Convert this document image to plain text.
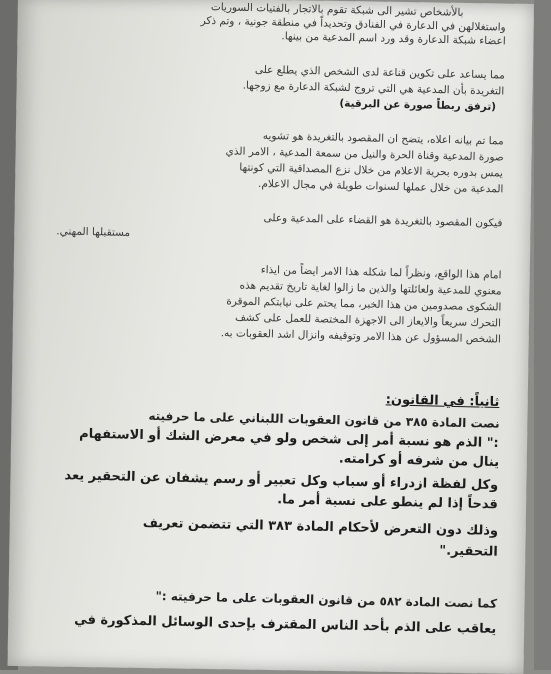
بالأشخاص تشير الى شبكة تقوم بالاتجار بالفتيات السوريات
واستغلالهن في الدعارة في الفنادق وتحديداً في منطقة جونية ، وتم ذكر
اعضاء شبكة الدعارة وقد ورد اسم المدعية من بينها.
مما يساعد على تكوين قناعة لدى الشخص الذي يطلع على
التغريدة بأن المدعية هي التي تروج لشبكة الدعارة مع زوجها.
(ترفق ربطاً صورة عن البرقية)
مما تم بيانه اعلاه، يتضح ان المقصود بالتغريدة هو تشويه
صورة المدعية وقناة الحرة والنيل من سمعة المدعية ، الامر الذي
يمس بدوره بحرية الاعلام من خلال نزع المصداقية التي كونتها
المدعية من خلال عملها لسنوات طويلة في مجال الاعلام.
فيكون المقصود بالتغريدة هو القضاء على المدعية وعلى
مستقبلها المهني.
امام هذا الواقع، ونظراً لما شكله هذا الامر ايضاً من ايذاء
معنوي للمدعية ولعائلتها والذين ما زالوا لغاية تاريخ تقديم هذه
الشكوى مصدومين من هذا الخبر، مما يحتم على نيابتكم الموقرة
التحرك سريعاً والايعاز الى الاجهزة المختصة للعمل على كشف
الشخص المسؤول عن هذا الامر وتوقيفه وانزال اشد العقوبات به.
ثانياً: في القانون:
نصت المادة ٣٨٥ من قانون العقوبات اللبناني على ما حرفيته
:" الذم هو نسبة أمر إلى شخص ولو في معرض الشك أو الاستفهام
ينال من شرفه أو كرامته.
وكل لفظة ازدراء أو سباب وكل تعبير أو رسم يشفان عن التحقير يعد
قدحاً إذا لم ينطو على نسبة أمر ما.
وذلك دون التعرض لأحكام المادة ٣٨٣ التي تتضمن تعريف
التحقير."
كما نصت المادة ٥٨٢ من قانون العقوبات على ما حرفيته :"
يعاقب على الذم بأحد الناس المقترف بإحدى الوسائل المذكورة في
